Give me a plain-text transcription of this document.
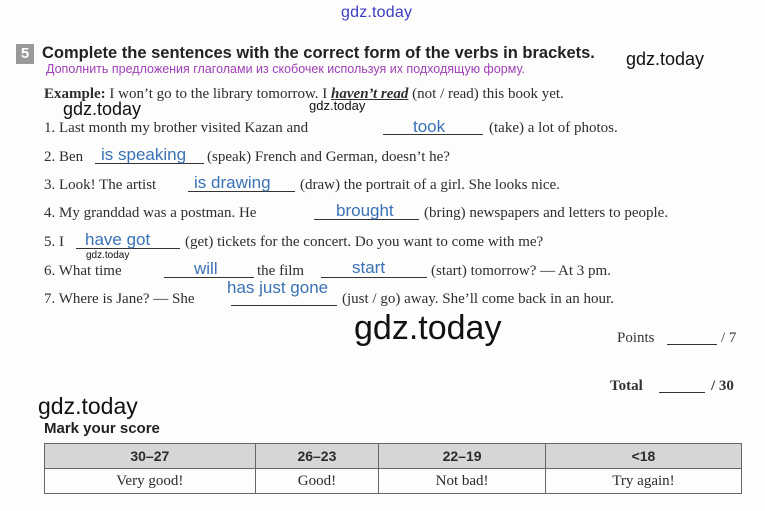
gdz.today
gdz.today
gdz.today	gdz.today
gdz.today
gdz.today
gdz.today
5 Complete the sentences with the correct form of the verbs in brackets.
Дополнить предложения глаголами из скобочек используя их подходящую форму.
Example: I won’t go to the library tomorrow. I haven’t read (not / read) this book yet.
1. Last month my brother visited Kazan and	took	(take) a lot of photos.
2. Ben is speaking (speak) French and German, doesn’t he?
3. Look! The artist is drawing (draw) the portrait of a girl. She looks nice.
4. My granddad was a postman. He	brought (bring) newspapers and letters to people.
5. I have got (get) tickets for the concert. Do you want to come with me?
6. What time	will	the film	start	(start) tomorrow? — At 3 pm.
7. Where is Jane? — She
has just gone
(just / go) away. She’ll come back in an hour.
Points	/ 7
Total	/ 30
Mark your score
30–27	26–23	22–19	<18
Very good!	Good!	Not bad!	Try again!
